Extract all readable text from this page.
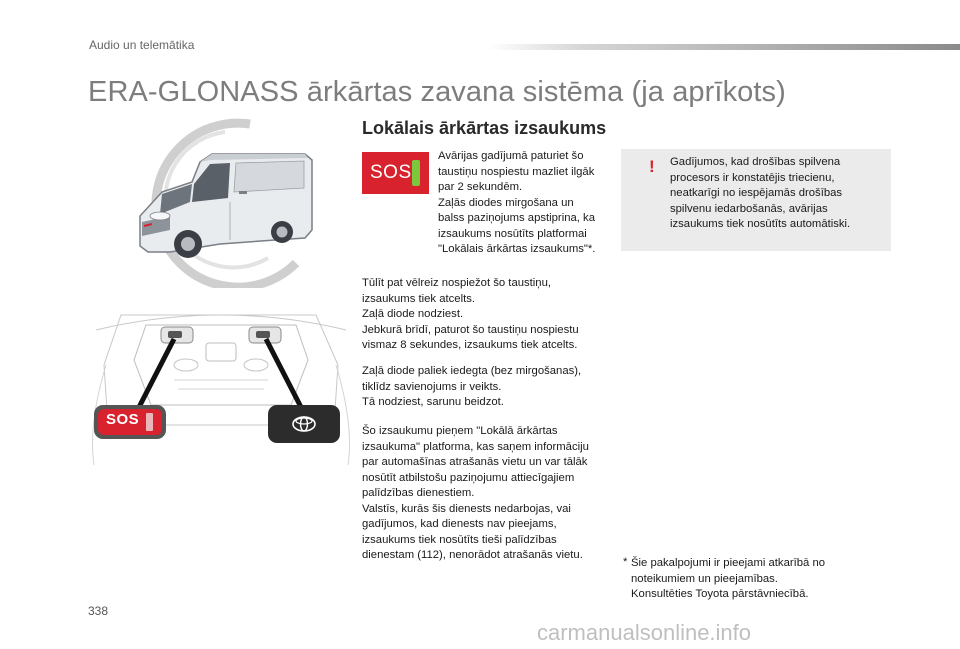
Audio un telemātika
ERA-GLONASS ārkārtas zavana sistēma (ja aprīkots)
SOS
Lokālais ārkārtas izsaukums
SOS
Avārijas gadījumā paturiet šo
taustiņu nospiestu mazliet ilgāk
par 2 sekundēm.
Zaļās diodes mirgošana un
balss paziņojums apstiprina, ka
izsaukums nosūtīts platformai
"Lokālais ārkārtas izsaukums"*.
Tūlīt pat vēlreiz nospiežot šo taustiņu,
izsaukums tiek atcelts.
Zaļā diode nodziest.
Jebkurā brīdī, paturot šo taustiņu nospiestu
vismaz 8 sekundes, izsaukums tiek atcelts.
Zaļā diode paliek iedegta (bez mirgošanas),
tiklīdz savienojums ir veikts.
Tā nodziest, sarunu beidzot.
Šo izsaukumu pieņem "Lokālā ārkārtas
izsaukuma" platforma, kas saņem informāciju
par automašīnas atrašanās vietu un var tālāk
nosūtīt atbilstošu paziņojumu attiecīgajiem
palīdzības dienestiem.
Valstīs, kurās šis dienests nedarbojas, vai
gadījumos, kad dienests nav pieejams,
izsaukums tiek nosūtīts tieši palīdzības
dienestam (112), nenorādot atrašanās vietu.
! Gadījumos, kad drošības spilvena
procesors ir konstatējis triecienu,
neatkarīgi no iespējamās drošības
spilvenu iedarbošanās, avārijas
izsaukums tiek nosūtīts automātiski.
* Šie pakalpojumi ir pieejami atkarībā no
noteikumiem un pieejamības.
Konsultēties Toyota pārstāvniecībā.
338
carmanualsonline.info
